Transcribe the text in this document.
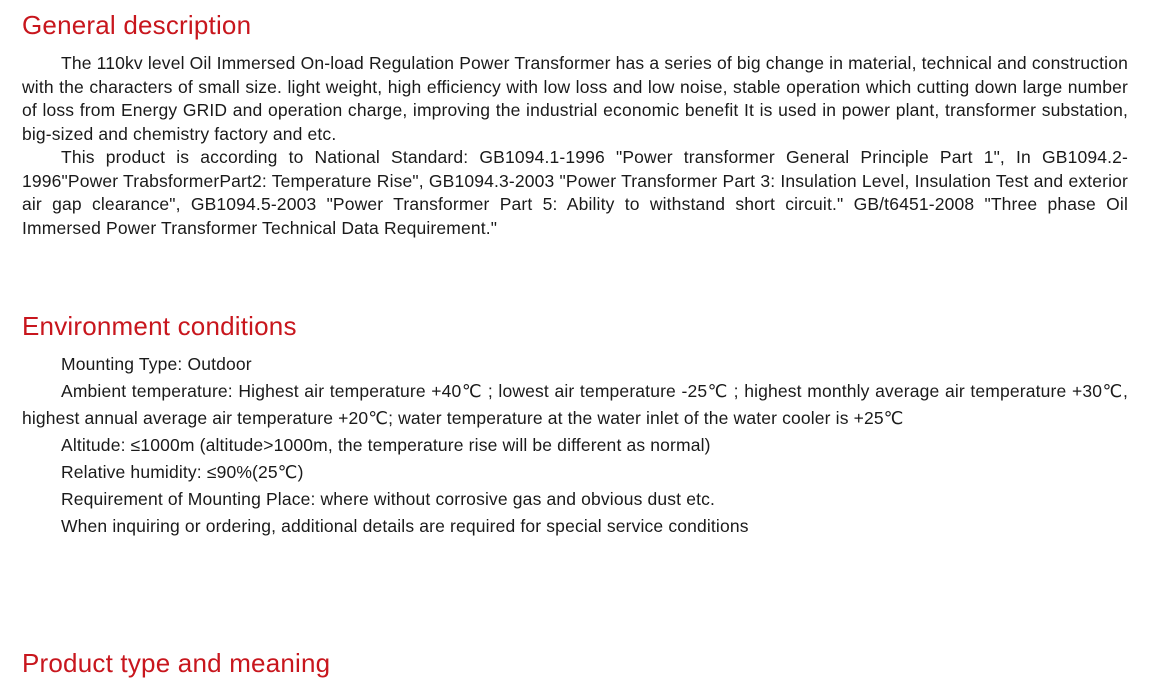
General description

The 110kv level Oil Immersed On-load Regulation Power Transformer has a series of big change in material, technical and construction with the characters of small size. light weight, high efficiency with low loss and low noise, stable operation which cutting down large number of loss from Energy GRID and operation charge, improving the industrial economic benefit It is used in power plant, transformer substation, big-sized and chemistry factory and etc.

This product is according to National Standard: GB1094.1-1996 "Power transformer General Principle Part 1", In GB1094.2-1996"Power TrabsformerPart2: Temperature Rise", GB1094.3-2003 "Power Transformer Part 3: Insulation Level, Insulation Test and exterior air gap clearance", GB1094.5-2003 "Power Transformer Part 5: Ability to withstand short circuit." GB/t6451-2008 "Three phase Oil Immersed Power Transformer Technical Data Requirement."

Environment conditions

Mounting Type: Outdoor

Ambient temperature: Highest air temperature +40℃ ; lowest air temperature -25℃ ; highest monthly average air temperature +30℃, highest annual average air temperature +20℃; water temperature at the water inlet of the water cooler is +25℃

Altitude: ≤1000m (altitude>1000m, the temperature rise will be different as normal)

Relative humidity: ≤90%(25℃)

Requirement of Mounting Place: where without corrosive gas and obvious dust etc.

When inquiring or ordering, additional details are required for special service conditions

Product type and meaning
